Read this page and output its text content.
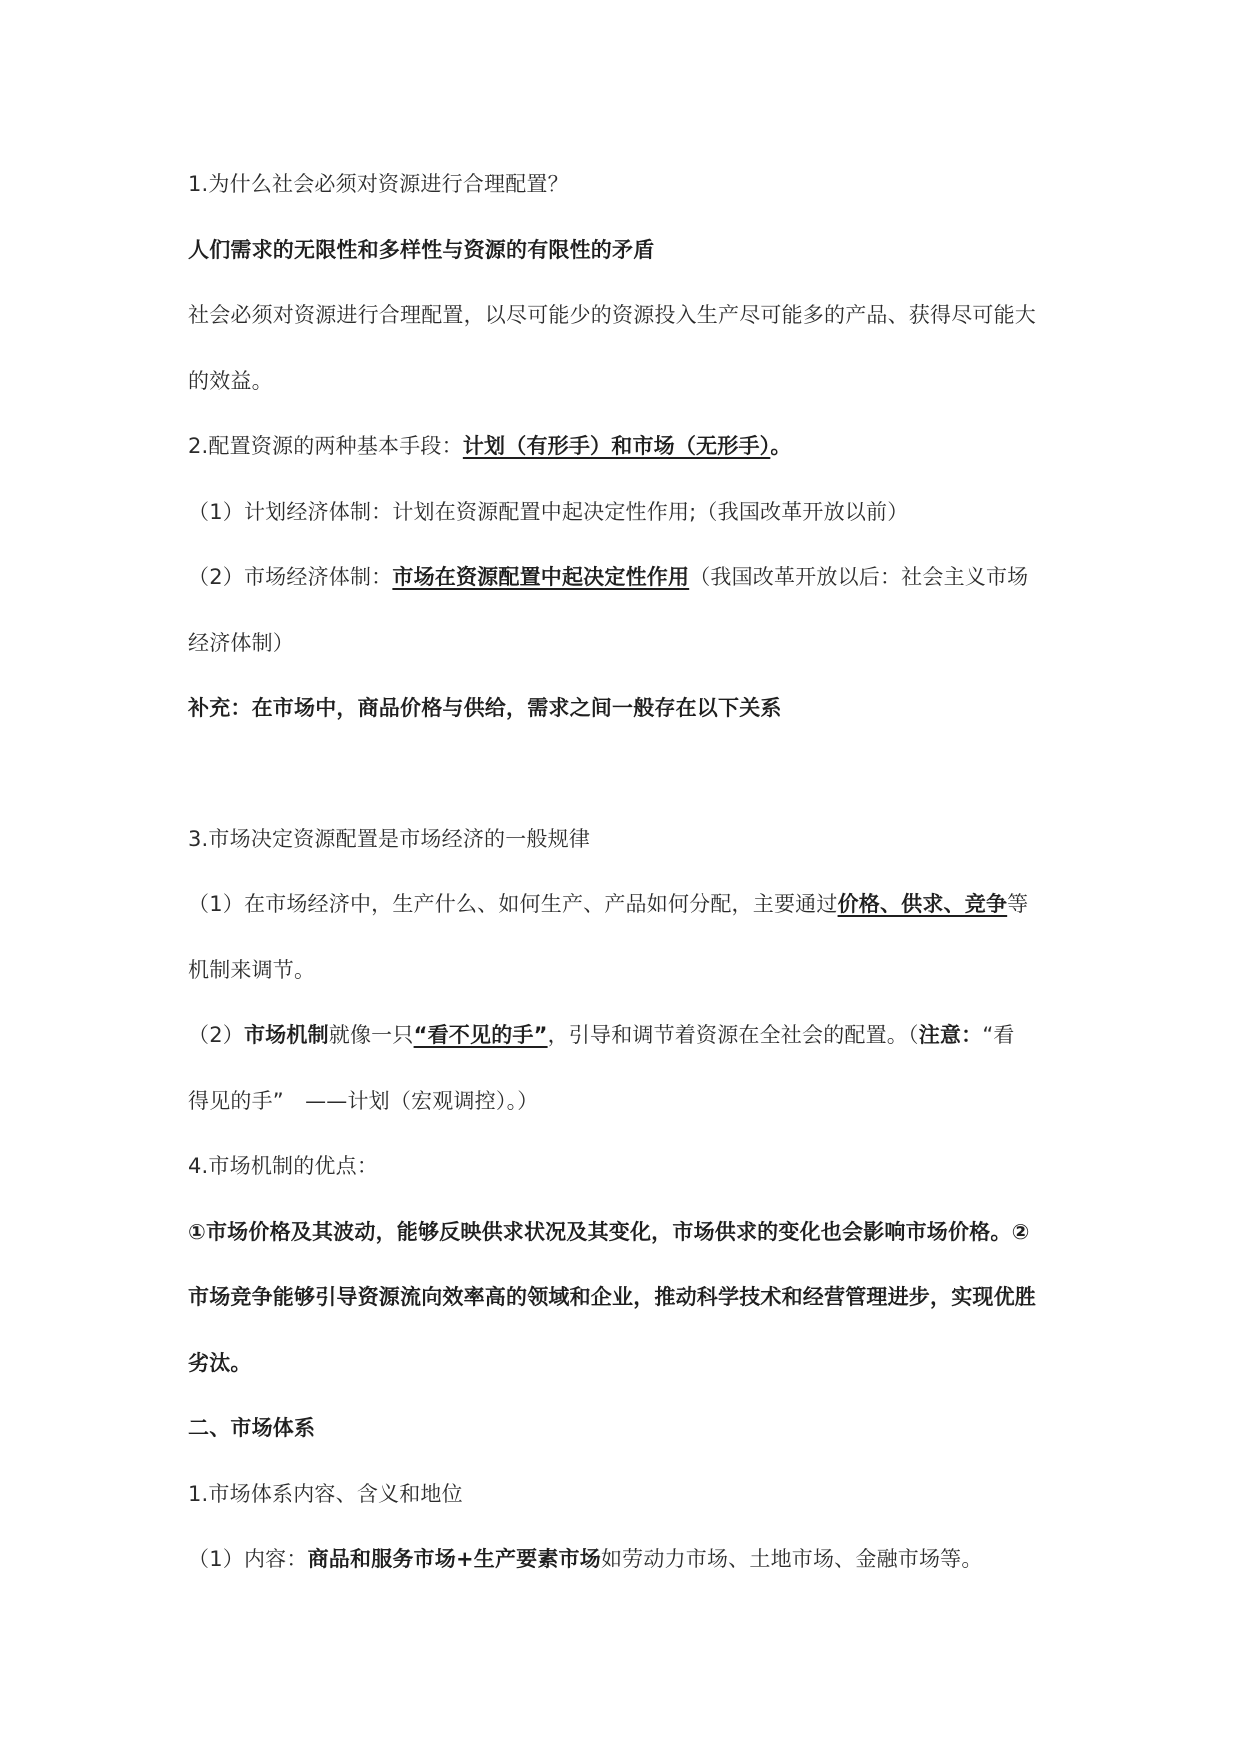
1.为什么社会必须对资源进行合理配置？
人们需求的无限性和多样性与资源的有限性的矛盾
社会必须对资源进行合理配置，以尽可能少的资源投入生产尽可能多的产品、获得尽可能大
的效益。
2.配置资源的两种基本手段：计划（有形手）和市场（无形手）。
（1）计划经济体制：计划在资源配置中起决定性作用;（我国改革开放以前）
（2）市场经济体制：市场在资源配置中起决定性作用（我国改革开放以后：社会主义市场
经济体制）
补充：在市场中，商品价格与供给，需求之间一般存在以下关系
3.市场决定资源配置是市场经济的一般规律
（1）在市场经济中，生产什么、如何生产、产品如何分配，主要通过价格、供求、竞争等
机制来调节。
（2）市场机制就像一只“看不见的手”，引导和调节着资源在全社会的配置。（注意：“看
得见的手”　——计划（宏观调控）。）
4.市场机制的优点：
①市场价格及其波动，能够反映供求状况及其变化，市场供求的变化也会影响市场价格。②
市场竞争能够引导资源流向效率高的领域和企业，推动科学技术和经营管理进步，实现优胜
劣汰。
二、市场体系
1.市场体系内容、含义和地位
（1）内容：商品和服务市场+生产要素市场如劳动力市场、土地市场、金融市场等。
